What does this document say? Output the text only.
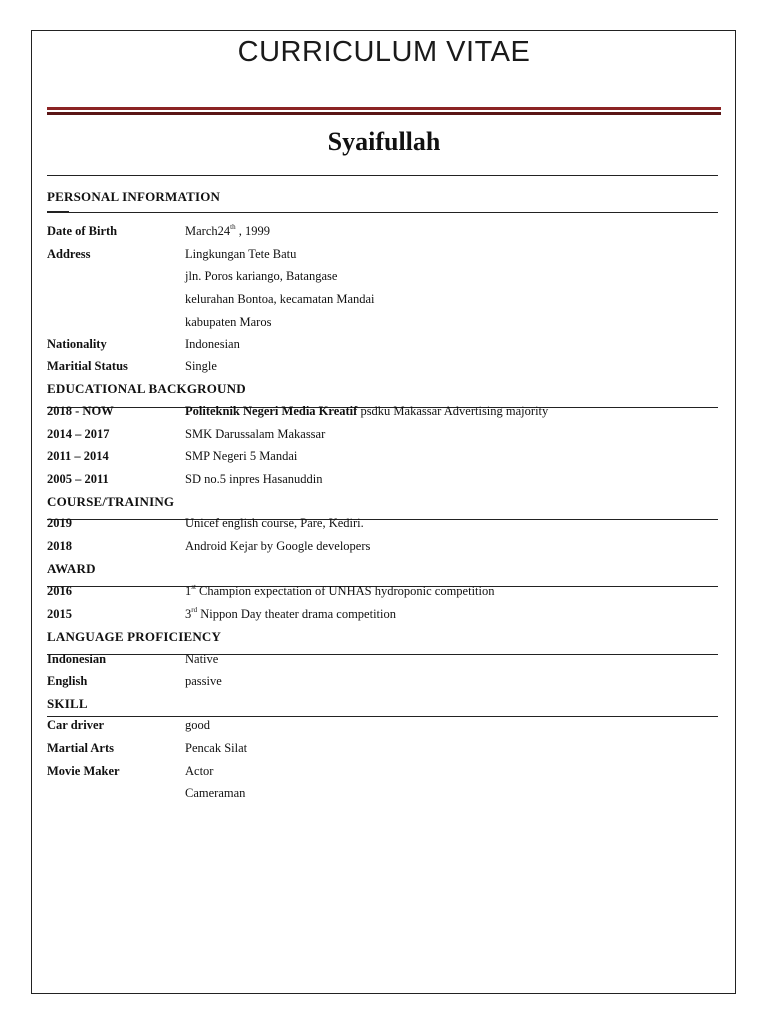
CURRICULUM VITAE
Syaifullah
PERSONAL INFORMATION
Date of Birth	March24th , 1999
Address	Lingkungan Tete Batu
jln. Poros kariango, Batangase
kelurahan Bontoa, kecamatan Mandai
kabupaten Maros
Nationality	Indonesian
Maritial Status	Single
EDUCATIONAL BACKGROUND
2018 - NOW	Politeknik Negeri Media Kreatif psdku Makassar Advertising majority
2014 – 2017	SMK Darussalam Makassar
2011 – 2014	SMP Negeri 5 Mandai
2005 – 2011	SD no.5 inpres Hasanuddin
COURSE/TRAINING
2019	Unicef english course, Pare, Kediri.
2018	Android Kejar by Google developers
AWARD
2016	1st Champion expectation of UNHAS hydroponic competition
2015	3rd Nippon Day theater drama competition
LANGUAGE PROFICIENCY
Indonesian	Native
English	passive
SKILL
Car driver	good
Martial Arts	Pencak Silat
Movie Maker	Actor
Cameraman
